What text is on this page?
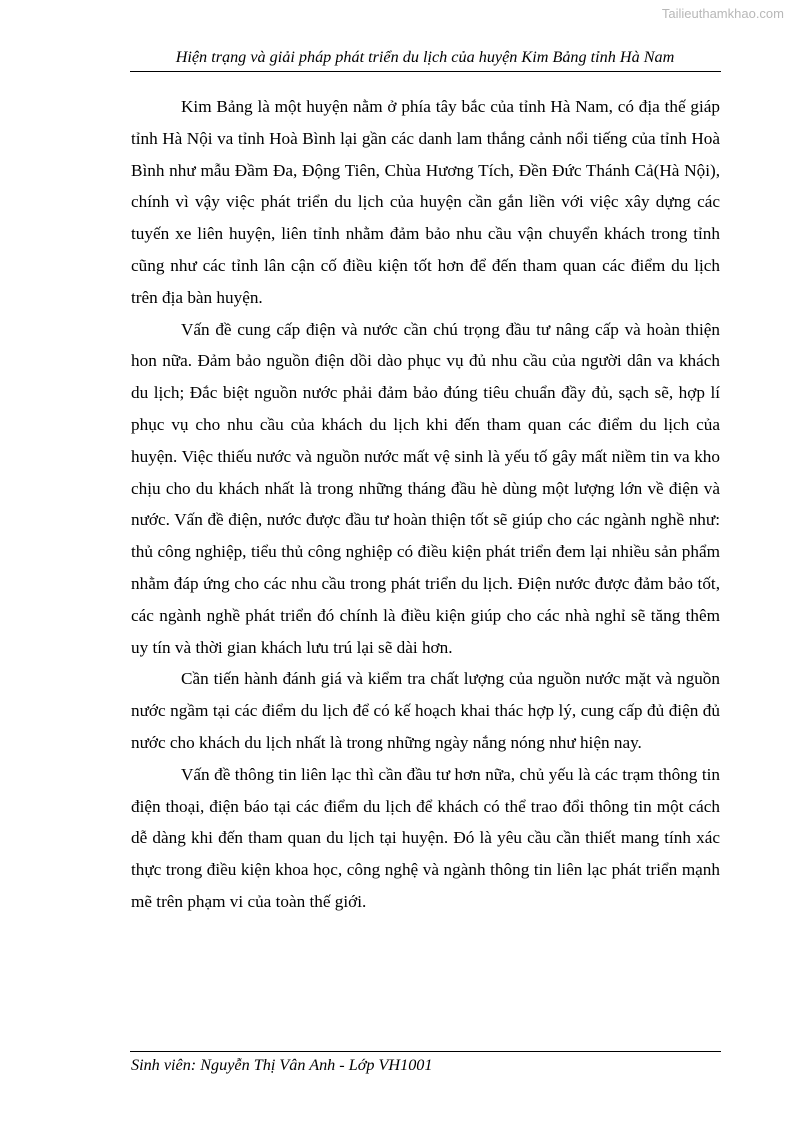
Tailieuthamkhao.com
Hiện trạng và giải pháp phát triển du lịch của huyện Kim Bảng tỉnh Hà Nam

Kim Bảng là một huyện nằm ở phía tây bắc của tỉnh Hà Nam, có địa thế giáp tỉnh Hà Nội va tỉnh Hoà Bình lại gần các danh lam thắng cảnh nổi tiếng của tỉnh Hoà Bình như mẫu Đầm Đa, Động Tiên, Chùa Hương Tích, Đền Đức Thánh Cả(Hà Nội), chính vì vậy việc phát triển du lịch của huyện cần gắn liền với việc xây dựng các tuyến xe liên huyện, liên tỉnh nhằm đảm bảo nhu cầu vận chuyển khách trong tỉnh cũng như các tỉnh lân cận cố điều kiện tốt hơn để đến tham quan các điểm du lịch trên địa bàn huyện.

Vấn đề cung cấp điện và nước cần chú trọng đầu tư nâng cấp và hoàn thiện hon nữa. Đảm bảo nguồn điện dồi dào phục vụ đủ nhu cầu của người dân va khách du lịch; Đắc biệt nguồn nước phải đảm bảo đúng tiêu chuẩn đầy đủ, sạch sẽ, hợp lí phục vụ cho nhu cầu của khách du lịch khi đến tham quan các điểm du lịch của huyện. Việc thiếu nước và nguồn nước mất vệ sinh là yếu tố gây mất niềm tin va kho chịu cho du khách nhất là trong những tháng đầu hè dùng một lượng lớn về điện và nước. Vấn đề điện, nước được đầu tư hoàn thiện tốt sẽ giúp cho các ngành nghề như: thủ công nghiệp, tiểu thủ công nghiệp có điều kiện phát triển đem lại nhiều sản phẩm nhằm đáp ứng cho các nhu cầu trong phát triển du lịch. Điện nước được đảm bảo tốt, các ngành nghề phát triển đó chính là điều kiện giúp cho các nhà nghỉ sẽ tăng thêm uy tín và thời gian khách lưu trú lại sẽ dài hơn.

Cần tiến hành đánh giá và kiểm tra chất lượng của nguồn nước mặt và nguồn nước ngầm tại các điểm du lịch để có kế hoạch khai thác hợp lý, cung cấp đủ điện đủ nước cho khách du lịch nhất là trong những ngày nắng nóng như hiện nay.

Vấn đề thông tin liên lạc thì cần đầu tư hơn nữa, chủ yếu là các trạm thông tin điện thoại, điện báo tại các điểm du lịch để khách có thể trao đổi thông tin một cách dễ dàng khi đến tham quan du lịch tại huyện. Đó là yêu cầu cần thiết mang tính xác thực trong điều kiện khoa học, công nghệ và ngành thông tin liên lạc phát triển mạnh mẽ trên phạm vi của toàn thế giới.

Sinh viên: Nguyễn Thị Vân Anh - Lớp VH1001
